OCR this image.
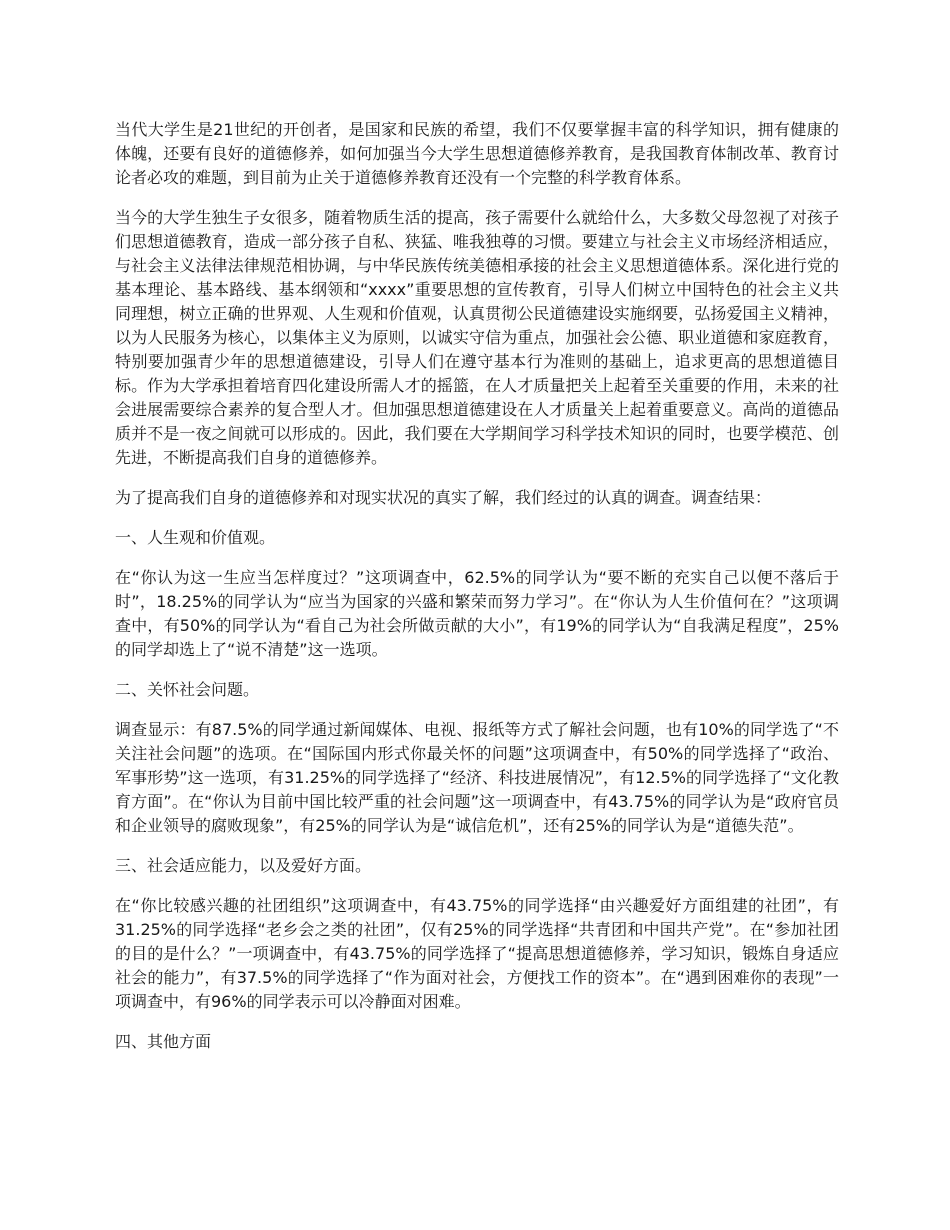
当代大学生是21世纪的开创者，是国家和民族的希望，我们不仅要掌握丰富的科学知识，拥有健康的体魄，还要有良好的道德修养，如何加强当今大学生思想道德修养教育，是我国教育体制改革、教育讨论者必攻的难题，到目前为止关于道德修养教育还没有一个完整的科学教育体系。

当今的大学生独生子女很多，随着物质生活的提高，孩子需要什么就给什么，大多数父母忽视了对孩子们思想道德教育，造成一部分孩子自私、狭猛、唯我独尊的习惯。要建立与社会主义市场经济相适应，与社会主义法律法律规范相协调，与中华民族传统美德相承接的社会主义思想道德体系。深化进行党的基本理论、基本路线、基本纲领和“xxxx”重要思想的宣传教育，引导人们树立中国特色的社会主义共同理想，树立正确的世界观、人生观和价值观，认真贯彻公民道德建设实施纲要，弘扬爱国主义精神，以为人民服务为核心，以集体主义为原则，以诚实守信为重点，加强社会公德、职业道德和家庭教育，特别要加强青少年的思想道德建设，引导人们在遵守基本行为准则的基础上，追求更高的思想道德目标。作为大学承担着培育四化建设所需人才的摇篮，在人才质量把关上起着至关重要的作用，未来的社会进展需要综合素养的复合型人才。但加强思想道德建设在人才质量关上起着重要意义。高尚的道德品质并不是一夜之间就可以形成的。因此，我们要在大学期间学习科学技术知识的同时，也要学模范、创先进，不断提高我们自身的道德修养。

为了提高我们自身的道德修养和对现实状况的真实了解，我们经过的认真的调查。调查结果：

一、人生观和价值观。

在“你认为这一生应当怎样度过？”这项调查中，62.5%的同学认为“要不断的充实自己以便不落后于时”，18.25%的同学认为“应当为国家的兴盛和繁荣而努力学习”。在“你认为人生价值何在？”这项调查中，有50%的同学认为“看自己为社会所做贡献的大小”，有19%的同学认为“自我满足程度”，25%的同学却选上了“说不清楚”这一选项。

二、关怀社会问题。

调查显示：有87.5%的同学通过新闻媒体、电视、报纸等方式了解社会问题，也有10%的同学选了“不关注社会问题”的选项。在“国际国内形式你最关怀的问题”这项调查中，有50%的同学选择了“政治、军事形势”这一选项，有31.25%的同学选择了“经济、科技进展情况”，有12.5%的同学选择了“文化教育方面”。在“你认为目前中国比较严重的社会问题”这一项调查中，有43.75%的同学认为是“政府官员和企业领导的腐败现象”，有25%的同学认为是“诚信危机”，还有25%的同学认为是“道德失范”。

三、社会适应能力，以及爱好方面。

在“你比较感兴趣的社团组织”这项调查中，有43.75%的同学选择“由兴趣爱好方面组建的社团”，有31.25%的同学选择“老乡会之类的社团”，仅有25%的同学选择“共青团和中国共产党”。在“参加社团的目的是什么？”一项调查中，有43.75%的同学选择了“提高思想道德修养，学习知识，锻炼自身适应社会的能力”，有37.5%的同学选择了“作为面对社会，方便找工作的资本”。在“遇到困难你的表现”一项调查中，有96%的同学表示可以冷静面对困难。

四、其他方面
